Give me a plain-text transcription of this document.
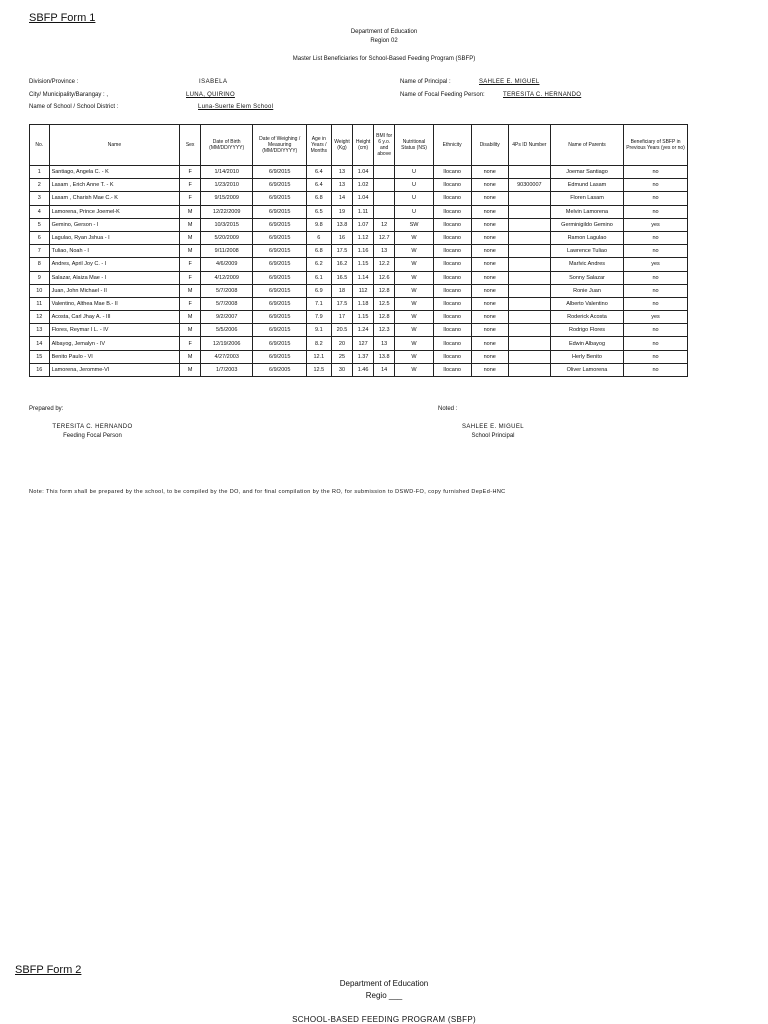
SBFP Form 1
Department of Education
Region 02
Master List Beneficiaries for School-Based Feeding Program (SBFP)
Division/Province :	ISABELA
City/ Municipality/Barangay : ,	LUNA, QUIRINO
Name of School / School District :	Luna-Suerte Elem School
Name of Principal :	SAHLEE E. MIGUEL
Name of Focal Feeding Person:	TERESITA C. HERNANDO
No.	Name	Sex	Date of Birth (MM/DD/YYYY)	Date of Weighing / Measuring (MM/DD/YYYY)	Age in Years / Months	Weight (Kg)	Height (cm)	BMI for 6 y.o. and above	Nutritional Status (NS)	Ethnicity	Disability	4Ps ID Number	Name of Parents	Beneficiary of SBFP in Previous Years (yes or no)
1	Santiago, Angela C. - K	F	1/14/2010	6/9/2015	6.4	13	1.04		U	Ilocano	none		Joemar Santiago	no
2	Lasam , Erich Anne T. - K	F	1/23/2010	6/9/2015	6.4	13	1.02		U	Ilocano	none	90300007	Edmund Lasam	no
3	Lasam , Charish Mae C.- K	F	9/15/2009	6/9/2015	6.8	14	1.04		U	Ilocano	none		Floren Lasam	no
4	Lamorena, Prince Joemel-K	M	12/22/2009	6/9/2015	6.5	19	1.11		U	Ilocano	none		Melvin Lamorena	no
5	Gemino, Gerson - I	M	10/3/2015	6/9/2015	9.8	13.8	1.07	12	SW	Ilocano	none		Germinigildo Gemino	yes
6	Lagulao, Ryan Jshua - I	M	5/20/2009	6/9/2015	6	16	1.12	12.7	W	Ilocano	none		Ramon Lagulao	no
7	Tuliao, Noah - I	M	9/11/2008	6/9/2015	6.8	17.5	1.16	13	W	Ilocano	none		Lawrence Tuliao	no
8	Andres, April Joy C. - I	F	4/6/2009	6/9/2015	6.2	16.2	1.15	12.2	W	Ilocano	none		Marlvic Andres	yes
9	Salazar, Alaiza Mae - I	F	4/12/2009	6/9/2015	6.1	16.5	1.14	12.6	W	Ilocano	none		Sonny Salazar	no
10	Juan, John Michael - II	M	5/7/2008	6/9/2015	6.9	18	112	12.8	W	Ilocano	none		Ronie Juan	no
11	Valentino, Althea Mae B.- II	F	5/7/2008	6/9/2015	7.1	17.5	1.18	12.5	W	Ilocano	none		Alberto Valentino	no
12	Acosta, Carl Jhay A. - III	M	9/2/2007	6/9/2015	7.9	17	1.15	12.8	W	Ilocano	none		Roderick Acosta	yes
13	Flores, Reymar I L. - IV	M	5/5/2006	6/9/2015	9.1	20.5	1.24	12.3	W	Ilocano	none		Rodrigo Flores	no
14	Albayog, Jemalyn - IV	F	12/19/2006	6/9/2015	8.2	20	127	13	W	Ilocano	none		Edwin Albayog	no
15	Benito Paulo - VI	M	4/27/2003	6/9/2015	12.1	25	1.37	13.8	W	Ilocano	none		Herly Benito	no
16	Lamorena, Jeromme-VI	M	1/7/2003	6/9/2005	12.5	30	1.46	14	W	Ilocano	none		Oliver Lamorena	no
Prepared by:
TERESITA C. HERNANDO
Feeding Focal Person
Noted :
SAHLEE E. MIGUEL
School Principal
Note: This form shall be prepared by the school, to be compiled by the DO, and for final compilation by the RO, for submission to DSWD-FO, copy furnished DepEd-HNC
SBFP Form 2
Department of Education
Regio ___
SCHOOL-BASED FEEDING PROGRAM (SBFP)
